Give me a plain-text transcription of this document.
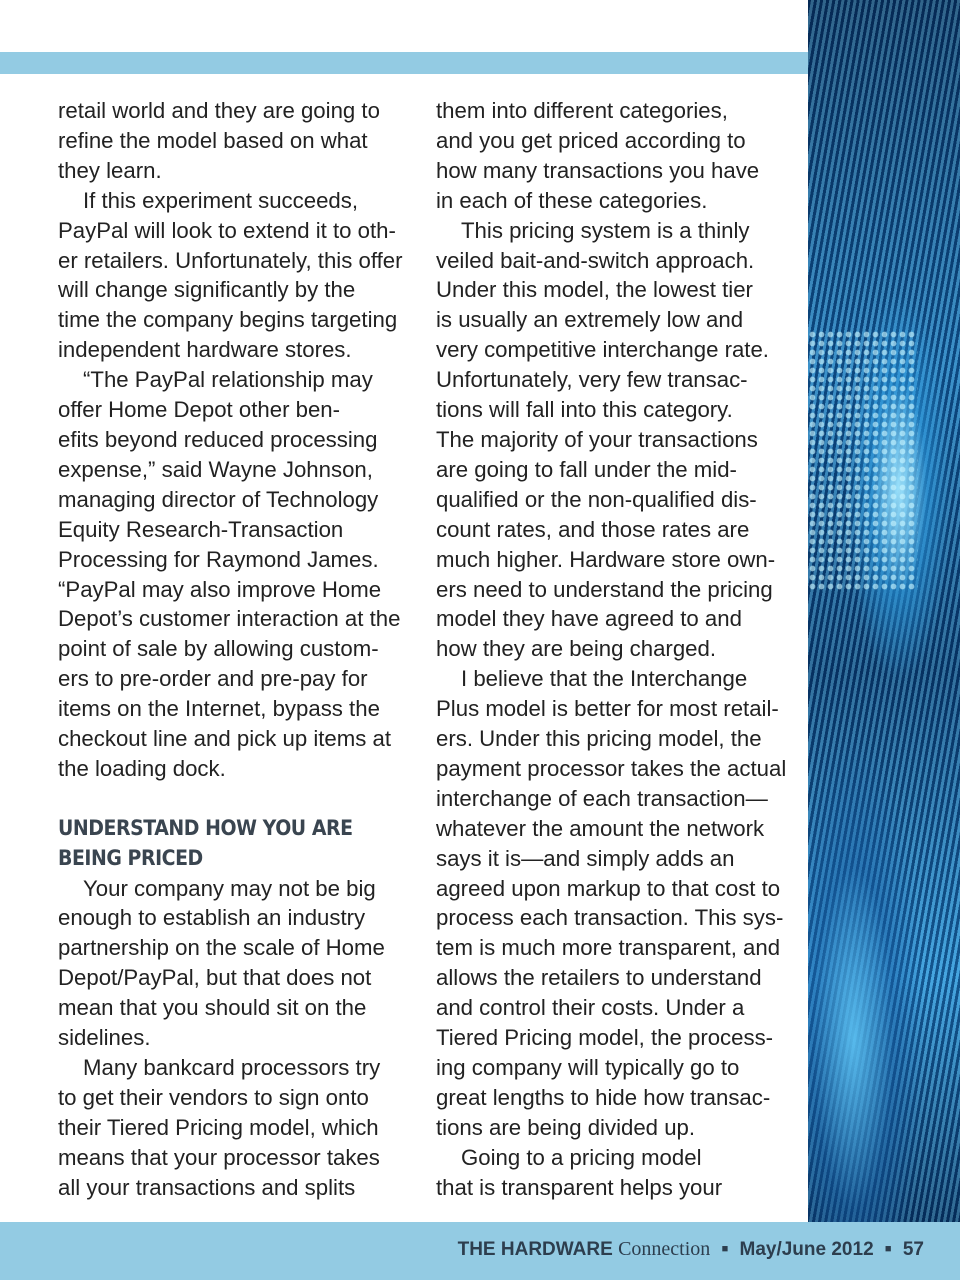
retail world and they are going to
refine the model based on what
they learn.

If this experiment succeeds,
PayPal will look to extend it to oth-
er retailers. Unfortunately, this offer
will change significantly by the
time the company begins targeting
independent hardware stores.

“The PayPal relationship may
offer Home Depot other ben-
efits beyond reduced processing
expense,” said Wayne Johnson,
managing director of Technology
Equity Research-Transaction
Processing for Raymond James.
“PayPal may also improve Home
Depot’s customer interaction at the
point of sale by allowing custom-
ers to pre-order and pre-pay for
items on the Internet, bypass the
checkout line and pick up items at
the loading dock.

UNDERSTAND HOW YOU ARE
BEING PRICED

Your company may not be big
enough to establish an industry
partnership on the scale of Home
Depot/PayPal, but that does not
mean that you should sit on the
sidelines.

Many bankcard processors try
to get their vendors to sign onto
their Tiered Pricing model, which
means that your processor takes
all your transactions and splits

them into different categories,
and you get priced according to
how many transactions you have
in each of these categories.

This pricing system is a thinly
veiled bait-and-switch approach.
Under this model, the lowest tier
is usually an extremely low and
very competitive interchange rate.
Unfortunately, very few transac-
tions will fall into this category.
The majority of your transactions
are going to fall under the mid-
qualified or the non-qualified dis-
count rates, and those rates are
much higher. Hardware store own-
ers need to understand the pricing
model they have agreed to and
how they are being charged.

I believe that the Interchange
Plus model is better for most retail-
ers. Under this pricing model, the
payment processor takes the actual
interchange of each transaction—
whatever the amount the network
says it is—and simply adds an
agreed upon markup to that cost to
process each transaction. This sys-
tem is much more transparent, and
allows the retailers to understand
and control their costs. Under a
Tiered Pricing model, the process-
ing company will typically go to
great lengths to hide how transac-
tions are being divided up.

Going to a pricing model
that is transparent helps your

THE HARDWARE Connection ■ May/June 2012 ■ 57
